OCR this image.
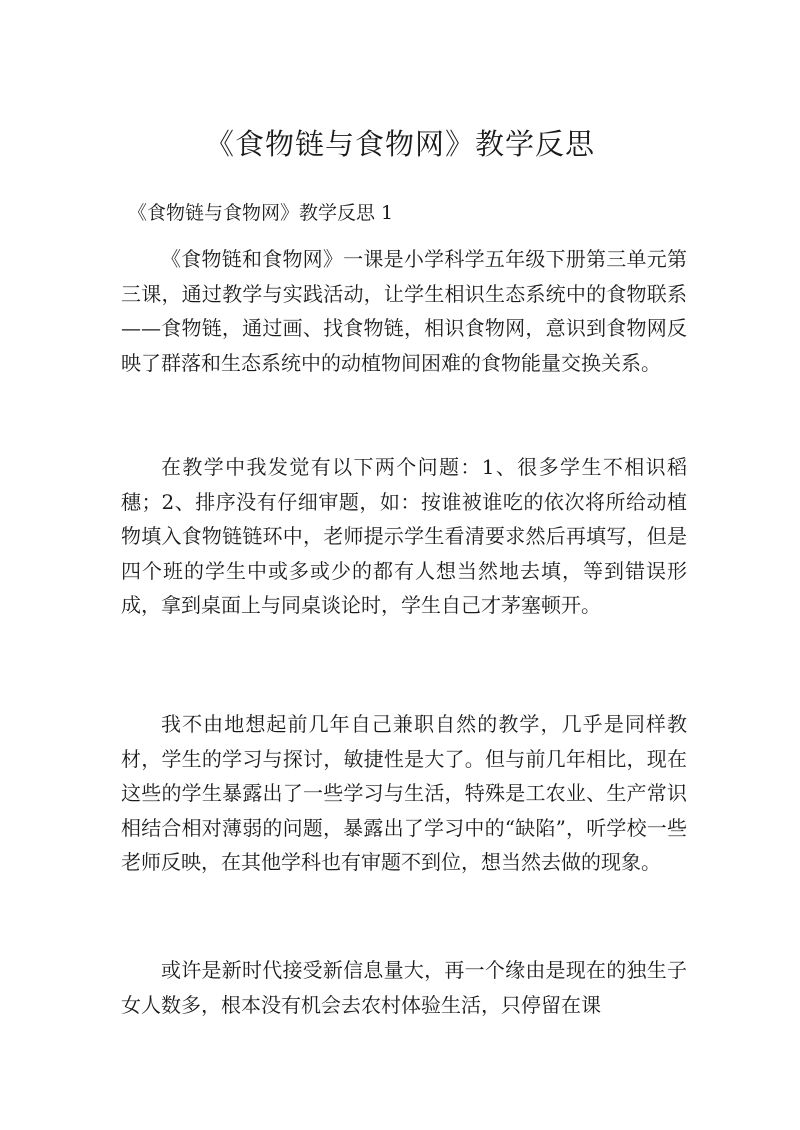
《食物链与食物网》教学反思
《食物链与食物网》教学反思 1

《食物链和食物网》一课是小学科学五年级下册第三单元第三课，通过教学与实践活动，让学生相识生态系统中的食物联系——食物链，通过画、找食物链，相识食物网，意识到食物网反映了群落和生态系统中的动植物间困难的食物能量交换关系。

在教学中我发觉有以下两个问题：1、很多学生不相识稻穗；2、排序没有仔细审题，如：按谁被谁吃的依次将所给动植物填入食物链链环中，老师提示学生看清要求然后再填写，但是四个班的学生中或多或少的都有人想当然地去填，等到错误形成，拿到桌面上与同桌谈论时，学生自己才茅塞顿开。

我不由地想起前几年自己兼职自然的教学，几乎是同样教材，学生的学习与探讨，敏捷性是大了。但与前几年相比，现在这些的学生暴露出了一些学习与生活，特殊是工农业、生产常识相结合相对薄弱的问题，暴露出了学习中的“缺陷”，听学校一些老师反映，在其他学科也有审题不到位，想当然去做的现象。

或许是新时代接受新信息量大，再一个缘由是现在的独生子女人数多，根本没有机会去农村体验生活，只停留在课
